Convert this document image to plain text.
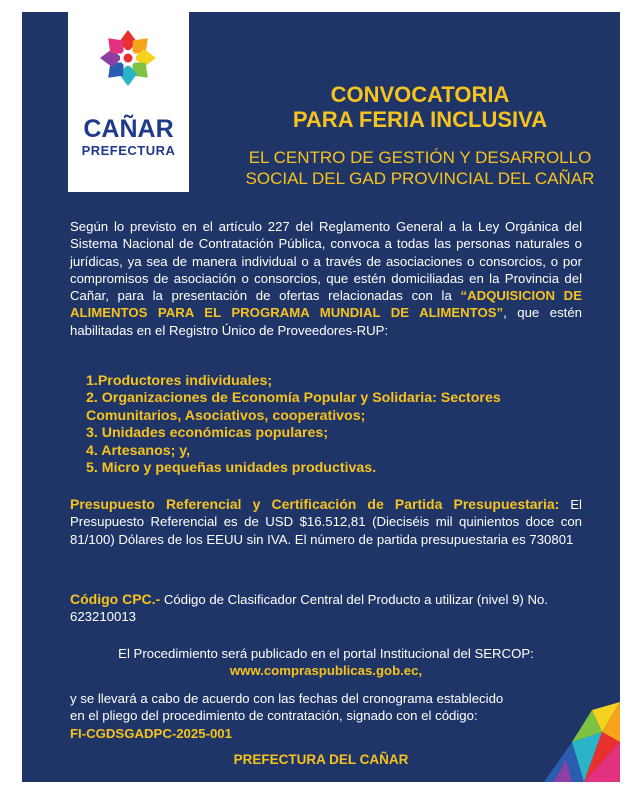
CAÑAR
PREFECTURA
CONVOCATORIA
PARA FERIA INCLUSIVA
EL CENTRO DE GESTIÓN Y DESARROLLO
SOCIAL DEL GAD PROVINCIAL DEL CAÑAR

Según lo previsto en el artículo 227 del Reglamento General a la Ley Orgánica del Sistema Nacional de Contratación Pública, convoca a todas las personas naturales o jurídicas, ya sea de manera individual o a través de asociaciones o consorcios, o por compromisos de asociación o consorcios, que estén domiciliadas en la Provincia del Cañar, para la presentación de ofertas relacionadas con la “ADQUISICION DE ALIMENTOS PARA EL PROGRAMA MUNDIAL DE ALIMENTOS”, que estén habilitadas en el Registro Único de Proveedores-RUP:

1.Productores individuales;
2. Organizaciones de Economía Popular y Solidaria: Sectores Comunitarios, Asociativos, cooperativos;
3. Unidades económicas populares;
4. Artesanos; y,
5. Micro y pequeñas unidades productivas.

Presupuesto Referencial y Certificación de Partida Presupuestaria: El Presupuesto Referencial es de USD $16.512,81 (Dieciséis mil quinientos doce con 81/100) Dólares de los EEUU sin IVA. El número de partida presupuestaria es 730801

Código CPC.- Código de Clasificador Central del Producto a utilizar (nivel 9) No. 623210013

El Procedimiento será publicado en el portal Institucional del SERCOP:
www.compraspublicas.gob.ec,

y se llevará a cabo de acuerdo con las fechas del cronograma establecido
en el pliego del procedimiento de contratación, signado con el código:
FI-CGDSGADPC-2025-001

PREFECTURA DEL CAÑAR
